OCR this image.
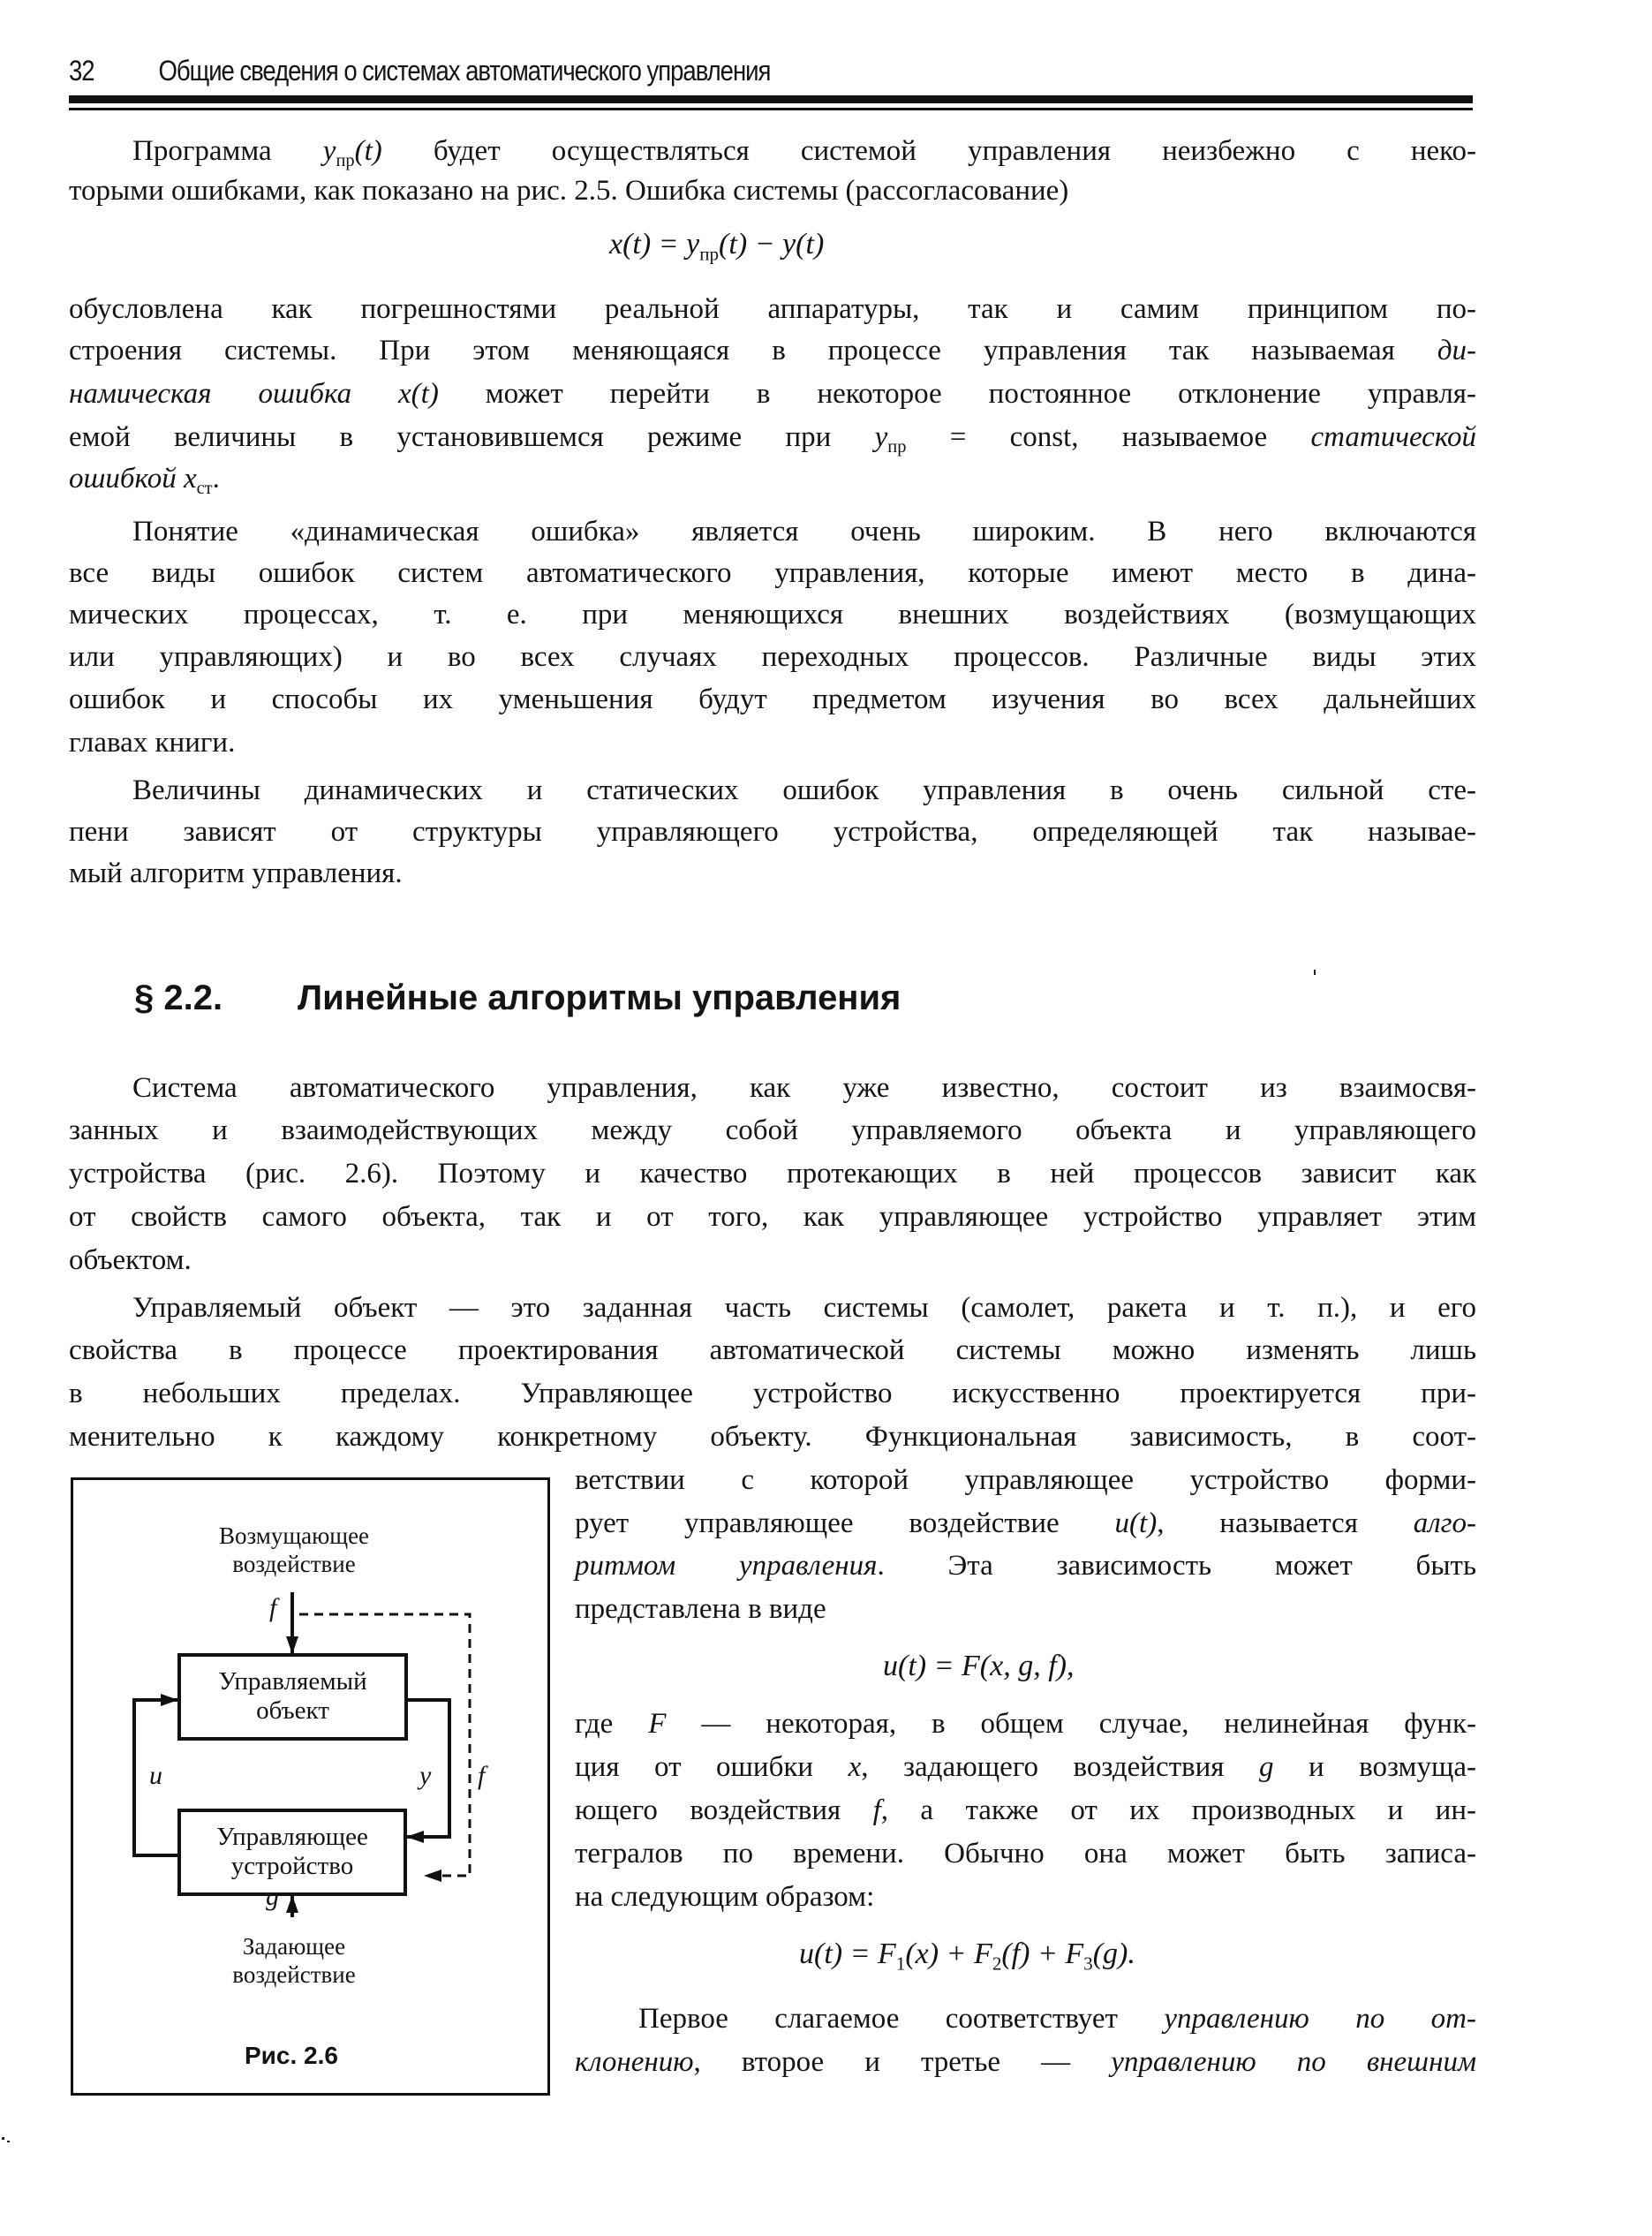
32 Общие сведения о системах автоматического управления
Программа $y_{пр}(t)$ будет осуществляться системой управления неизбежно с неко-
торыми ошибками, как показано на рис. 2.5. Ошибка системы (рассогласование)
$x(t) = y_{пр}(t) - y(t)$
обусловлена как погрешностями реальной аппаратуры, так и самим принципом по-
строения системы. При этом меняющаяся в процессе управления так называемая ди-
намическая ошибка x(t) может перейти в некоторое постоянное отклонение управля-
емой величины в установившемся режиме при $y_{пр}$ = const, называемое статической
ошибкой $x_{ст}$.
Понятие «динамическая ошибка» является очень широким. В него включаются
все виды ошибок систем автоматического управления, которые имеют место в дина-
мических процессах, т. е. при меняющихся внешних воздействиях (возмущающих
или управляющих) и во всех случаях переходных процессов. Различные виды этих
ошибок и способы их уменьшения будут предметом изучения во всех дальнейших
главах книги.
Величины динамических и статических ошибок управления в очень сильной сте-
пени зависят от структуры управляющего устройства, определяющей так называе-
мый алгоритм управления.
§ 2.2. Линейные алгоритмы управления
Система автоматического управления, как уже известно, состоит из взаимосвя-
занных и взаимодействующих между собой управляемого объекта и управляющего
устройства (рис. 2.6). Поэтому и качество протекающих в ней процессов зависит как
от свойств самого объекта, так и от того, как управляющее устройство управляет этим
объектом.
Управляемый объект — это заданная часть системы (самолет, ракета и т. п.), и его
свойства в процессе проектирования автоматической системы можно изменять лишь
в небольших пределах. Управляющее устройство искусственно проектируется при-
менительно к каждому конкретному объекту. Функциональная зависимость, в соот-
ветствии с которой управляющее устройство форми-
рует управляющее воздействие u(t), называется алго-
ритмом управления. Эта зависимость может быть
представлена в виде
u(t) = F(x, g, f),
где F — некоторая, в общем случае, нелинейная функ-
ция от ошибки x, задающего воздействия g и возмуща-
ющего воздействия f, а также от их производных и ин-
тегралов по времени. Обычно она может быть записа-
на следующим образом:
$u(t) = F_1(x) + F_2(f) + F_3(g)$.
Первое слагаемое соответствует управлению по от-
клонению, второе и третье — управлению по внешним
Возмущающее
воздействие
f
Управляемый
объект
Управляющее
устройство
u	y f
g
Задающее
воздействие
Рис. 2.6
